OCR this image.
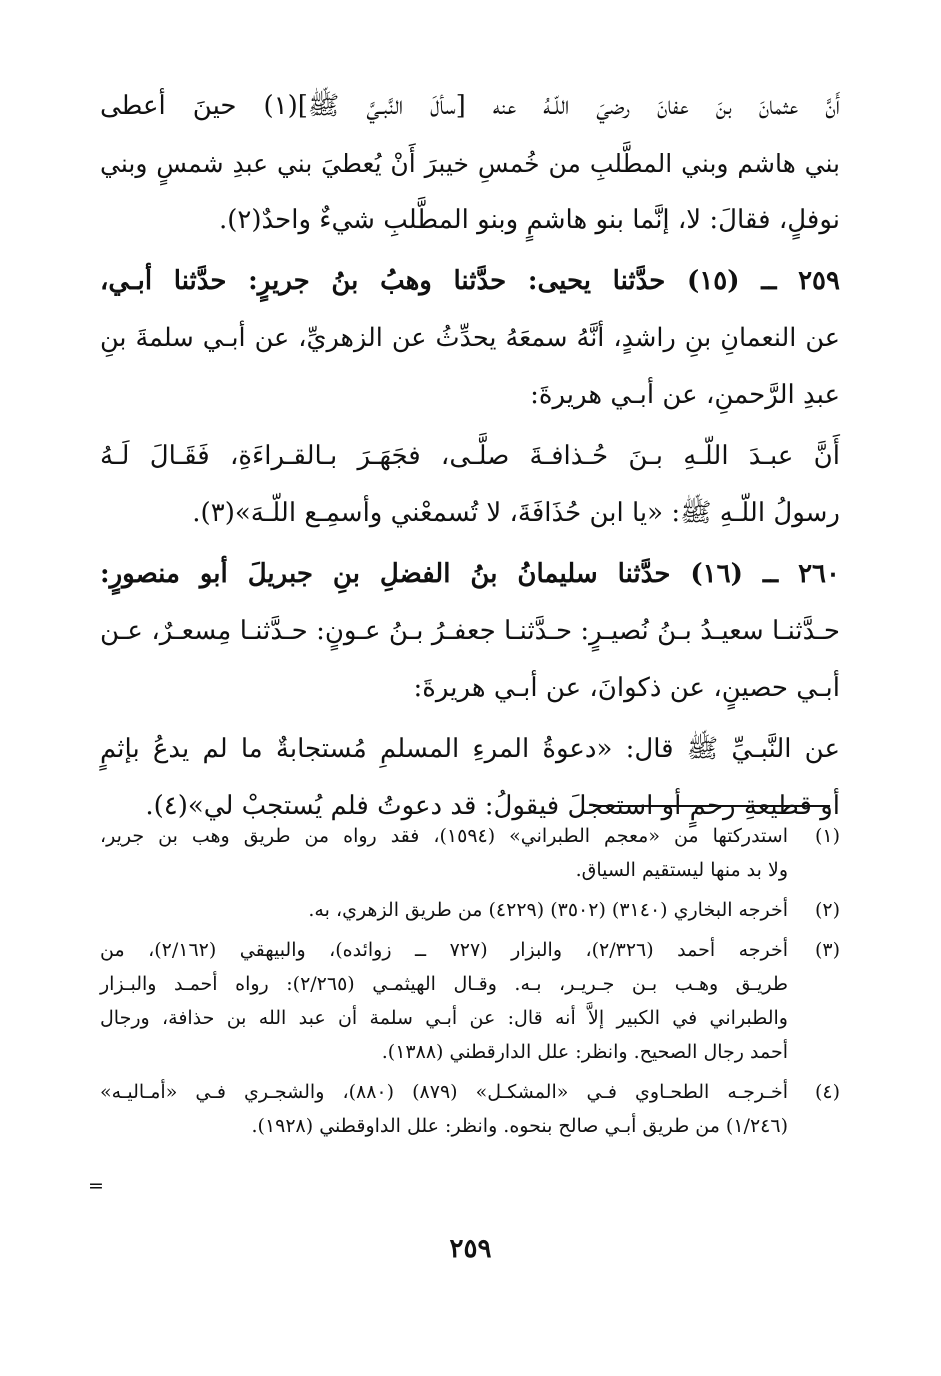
أَنَّ عثمانَ بنَ عفانَ رضيَ اللّـهُ عنه [سألَ النَّبـيَّ ﷺ](١) حينَ أعطى
بني هاشم وبني المطَّلبِ من خُمسِ خيبرَ أَنْ يُعطيَ بني عبدِ شمسٍ وبني
نوفلٍ، فقالَ: لا، إنَّما بنو هاشمٍ وبنو المطَّلبِ شيءٌ واحدٌ(٢).
٢٥٩ ــ (١٥) حدَّثنا يحيى: حدَّثنا وهبُ بنُ جريرٍ: حدَّثنا أبـي،
عن النعمانِ بنِ راشدٍ، أنَّهُ سمعَهُ يحدِّثُ عن الزهريِّ، عن أبـي سلمةَ بنِ
عبدِ الرَّحمنِ، عن أبـي هريرةَ:
أَنَّ عبـدَ اللّـهِ بـنَ حُـذافـةَ صلَّـى، فجَهَـرَ بـالقـراءَةِ، فَقَـالَ لَـهُ
رسولُ اللّـهِ ﷺ: «يا ابن حُذَافَةَ، لا تُسمعْني وأسمِـع اللّـهَ»(٣).
٢٦٠ ــ (١٦) حدَّثنا سليمانُ بنُ الفضلِ بنِ جبريلَ أبو منصورٍ:
حـدَّثنـا سعيـدُ بـنُ نُصيـرٍ: حـدَّثنـا جعفـرُ بـنُ عـونٍ: حـدَّثنـا مِسعـرٌ، عـن
أبـي حصينٍ، عن ذكوانَ، عن أبـي هريرةَ:
عن النَّبـيِّ ﷺ قال: «دعوةُ المرءِ المسلمِ مُستجابةٌ ما لم يدعُ بإثمٍ
أو قطيعةِ رحمٍ أو استعجلَ فيقولُ: قد دعوتُ فلم يُستجبْ لي»(٤).
(١)
استدركتها من «معجم الطبراني» (١٥٩٤)، فقد رواه من طريق وهب بن جرير،
ولا بد منها ليستقيم السياق.
(٢)
أخرجه البخاري (٣١٤٠) (٣٥٠٢) (٤٢٢٩) من طريق الزهري، به.
(٣)
أخرجه أحمد (٢/٣٢٦)، والبزار (٧٢٧ ــ زوائده)، والبيهقي (٢/١٦٢)، من
طريـق وهـب بـن جـريـر، بـه. وقـال الهيثمـي (٢/٢٦٥): رواه أحمـد والبـزار
والطبراني في الكبير إلاَّ أنه قال: عن أبـي سلمة أن عبد الله بن حذافة، ورجال
أحمد رجال الصحيح. وانظر: علل الدارقطني (١٣٨٨).
(٤)
أخـرجـه الطحـاوي فـي «المشكـل» (٨٧٩) (٨٨٠)، والشجـري فـي «أمـاليـه»
(١/٢٤٦) من طريق أبـي صالح بنحوه. وانظر: علل الداوقطني (١٩٢٨).
=
٢٥٩
